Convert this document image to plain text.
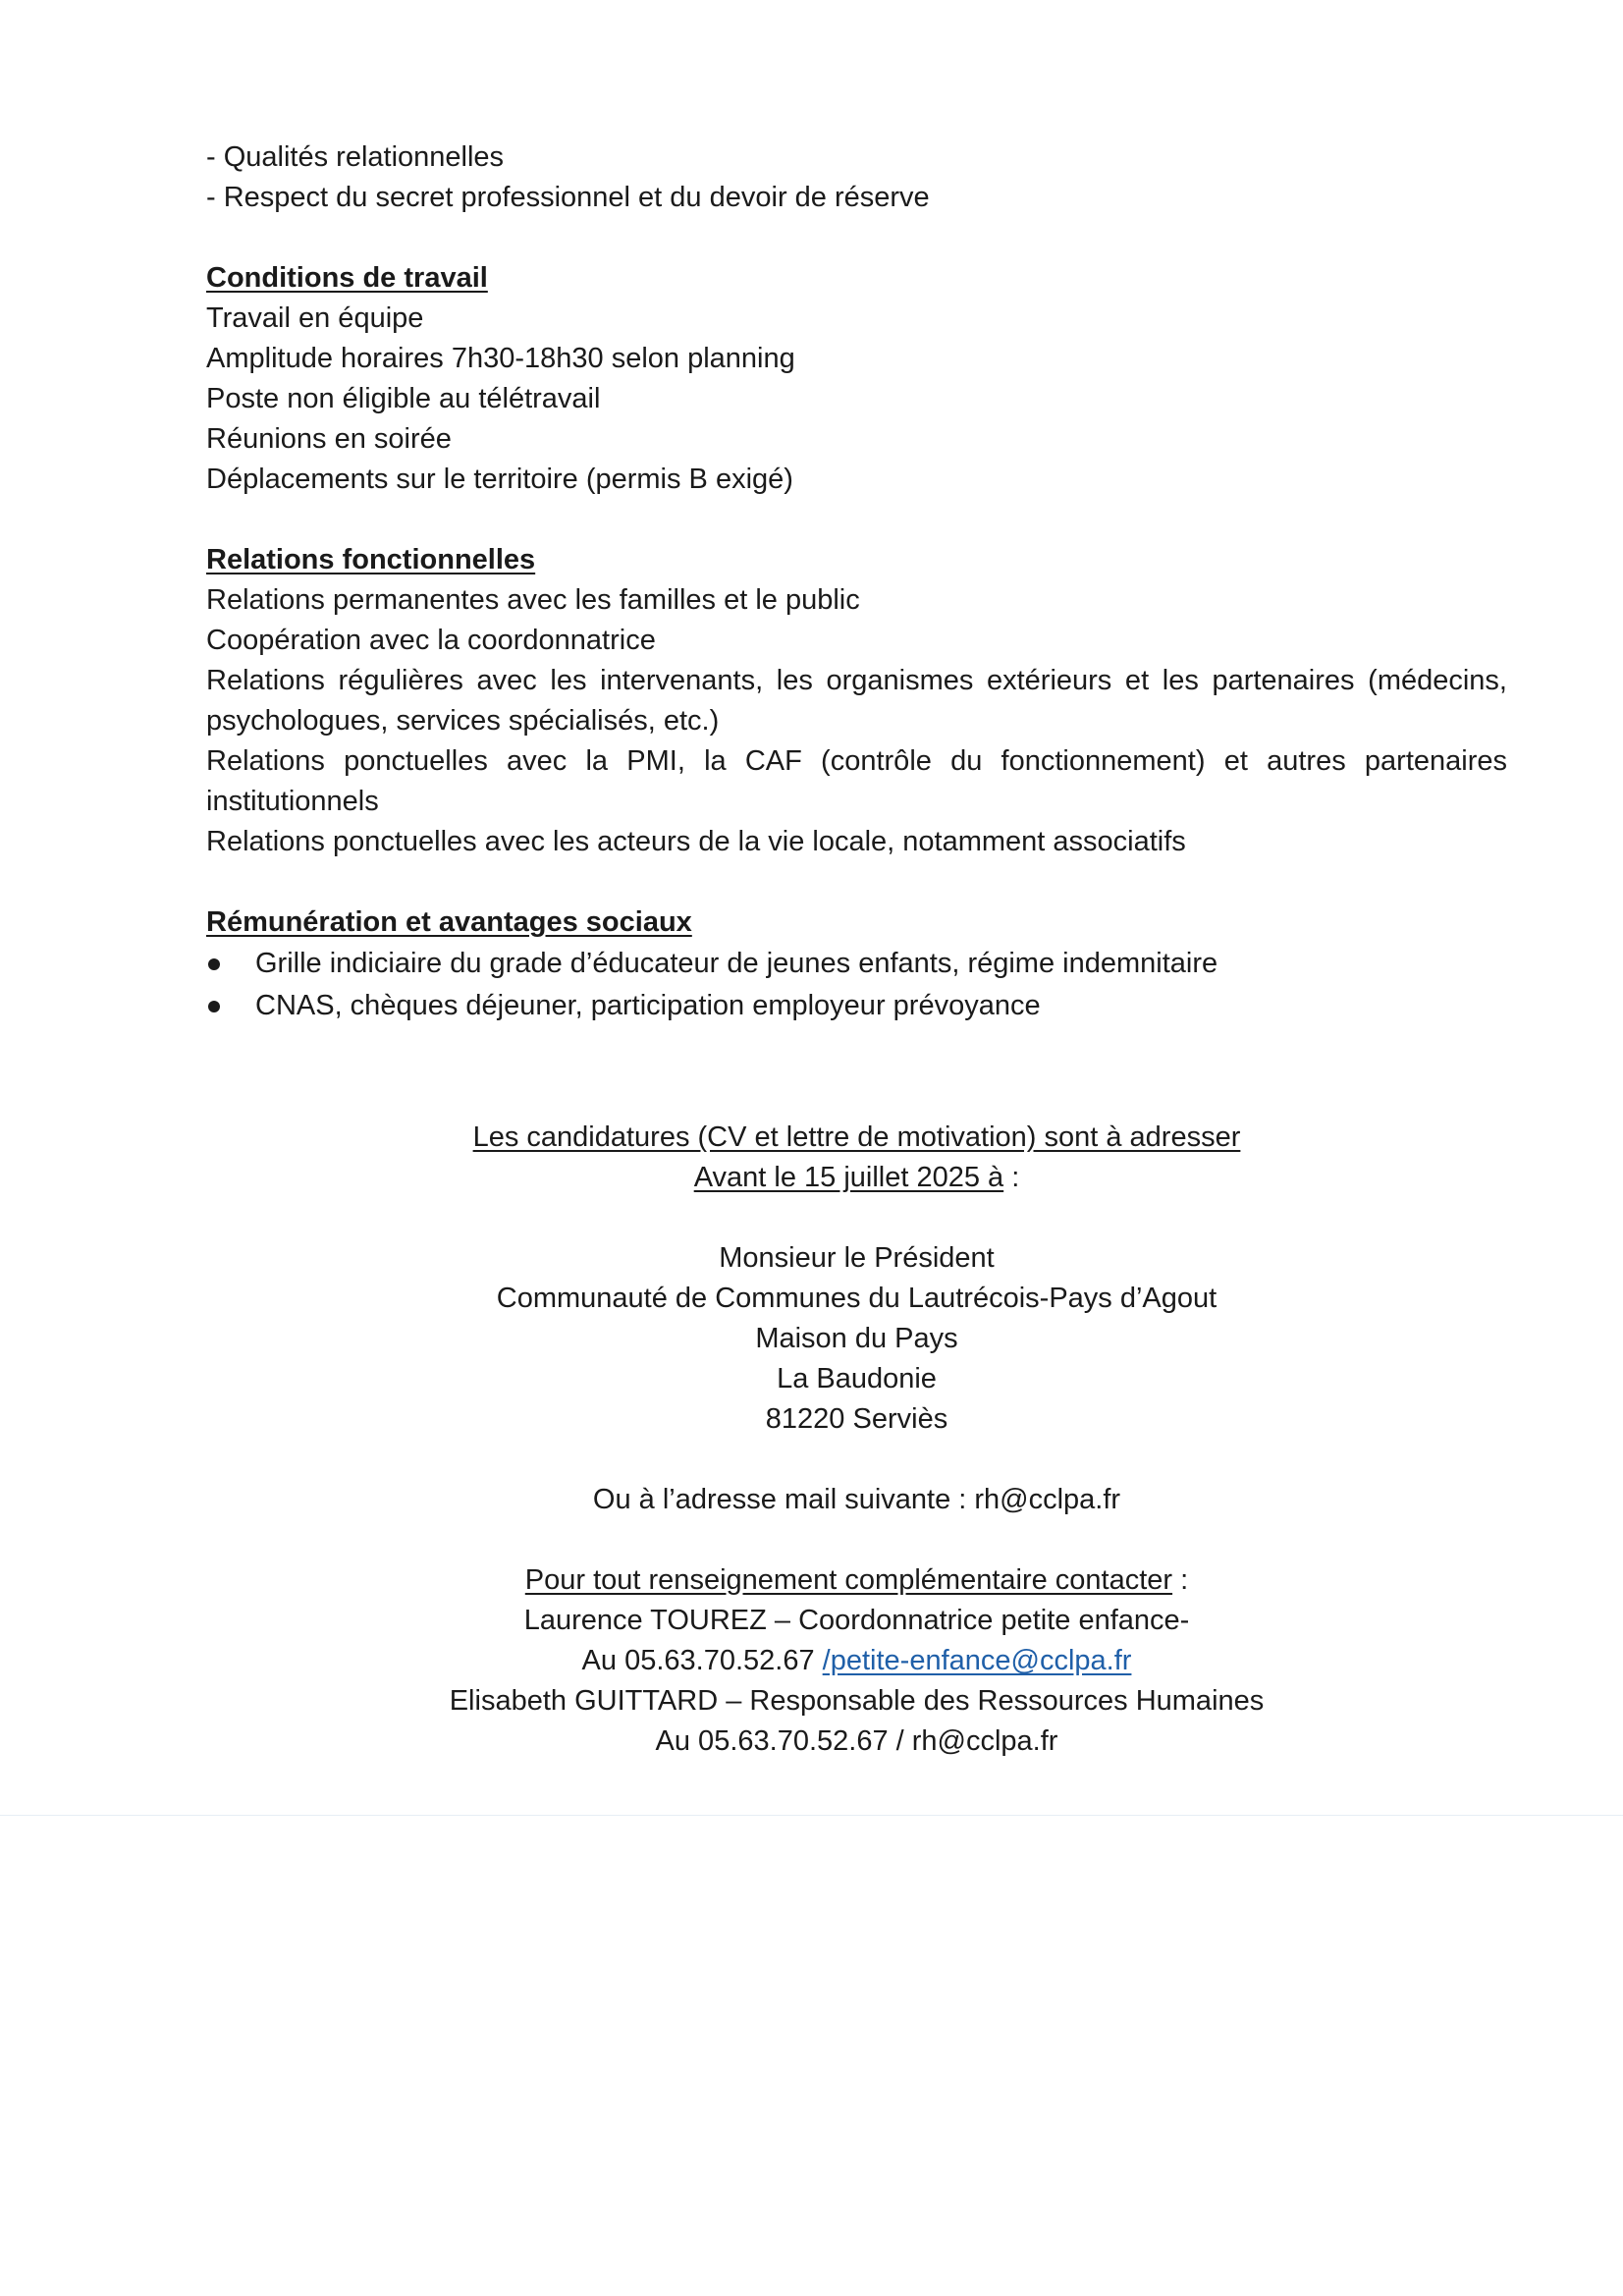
- Qualités relationnelles
- Respect du secret professionnel et du devoir de réserve
Conditions de travail
Travail en équipe
Amplitude horaires 7h30-18h30 selon planning
Poste non éligible au télétravail
Réunions en soirée
Déplacements sur le territoire (permis B exigé)
Relations fonctionnelles
Relations permanentes avec les familles et le public
Coopération avec la coordonnatrice
Relations régulières avec les intervenants, les organismes extérieurs et les partenaires (médecins,
psychologues, services spécialisés, etc.)
Relations ponctuelles avec la PMI, la CAF (contrôle du fonctionnement) et autres partenaires
institutionnels
Relations ponctuelles avec les acteurs de la vie locale, notamment associatifs
Rémunération et avantages sociaux
Grille indiciaire du grade d’éducateur de jeunes enfants, régime indemnitaire
CNAS, chèques déjeuner, participation employeur prévoyance
Les candidatures (CV et lettre de motivation) sont à adresser
Avant le 15 juillet 2025 à :
Monsieur le Président
Communauté de Communes du Lautrécois-Pays d’Agout
Maison du Pays
La Baudonie
81220 Serviès
Ou à l’adresse mail suivante : rh@cclpa.fr
Pour tout renseignement complémentaire contacter :
Laurence TOUREZ – Coordonnatrice petite enfance-
Au 05.63.70.52.67 /petite-enfance@cclpa.fr
Elisabeth GUITTARD – Responsable des Ressources Humaines
Au 05.63.70.52.67 / rh@cclpa.fr
